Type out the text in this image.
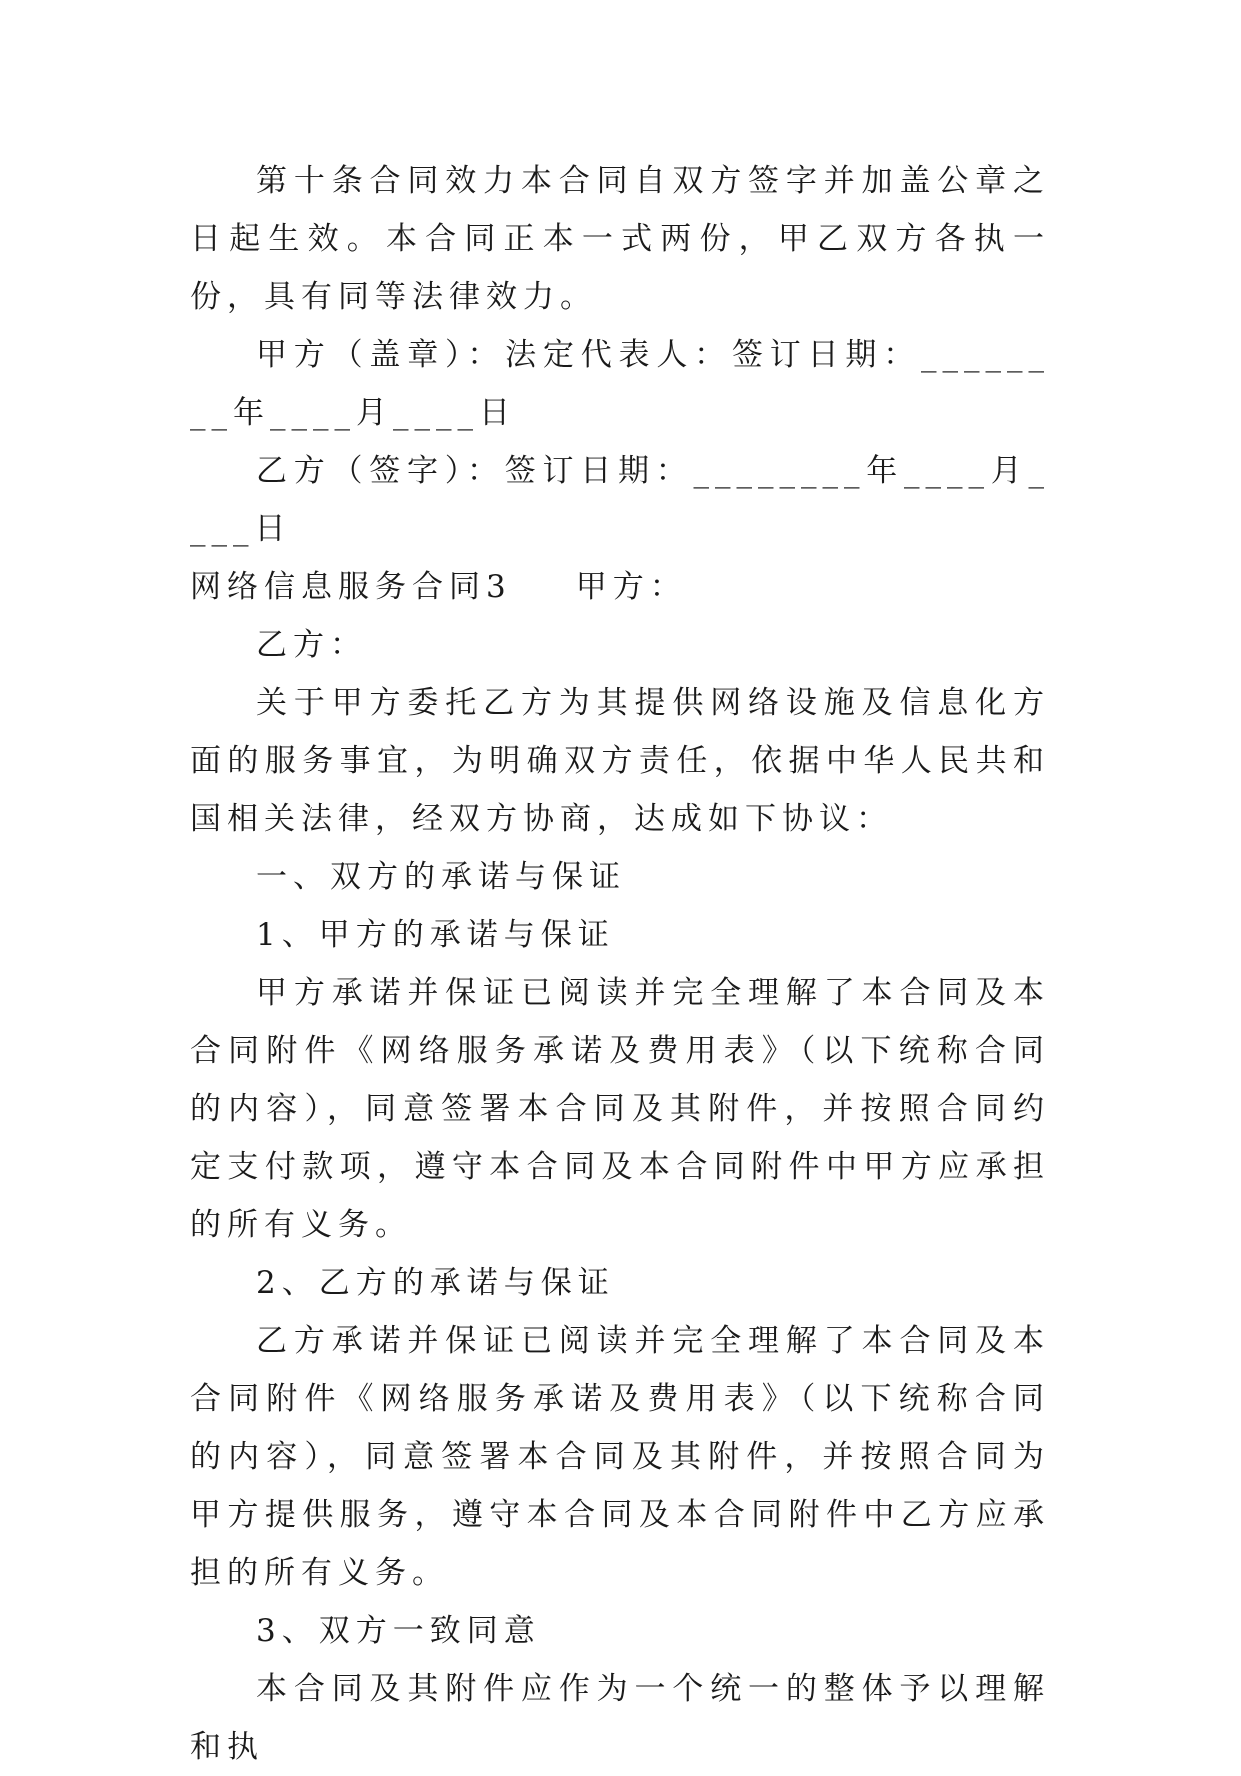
第十条合同效力本合同自双方签字并加盖公章之日起生效。本合同正本一式两份，甲乙双方各执一份，具有同等法律效力。

甲方（盖章）：法定代表人：签订日期：________年____月____日

乙方（签字）：签订日期：________年____月____日

网络信息服务合同3 甲方：

乙方：

关于甲方委托乙方为其提供网络设施及信息化方面的服务事宜，为明确双方责任，依据中华人民共和国相关法律，经双方协商，达成如下协议：

一、双方的承诺与保证

1、甲方的承诺与保证

甲方承诺并保证已阅读并完全理解了本合同及本合同附件《网络服务承诺及费用表》（以下统称合同的内容），同意签署本合同及其附件，并按照合同约定支付款项，遵守本合同及本合同附件中甲方应承担的所有义务。

2、乙方的承诺与保证

乙方承诺并保证已阅读并完全理解了本合同及本合同附件《网络服务承诺及费用表》（以下统称合同的内容），同意签署本合同及其附件，并按照合同为甲方提供服务，遵守本合同及本合同附件中乙方应承担的所有义务。

3、双方一致同意

本合同及其附件应作为一个统一的整体予以理解和执
